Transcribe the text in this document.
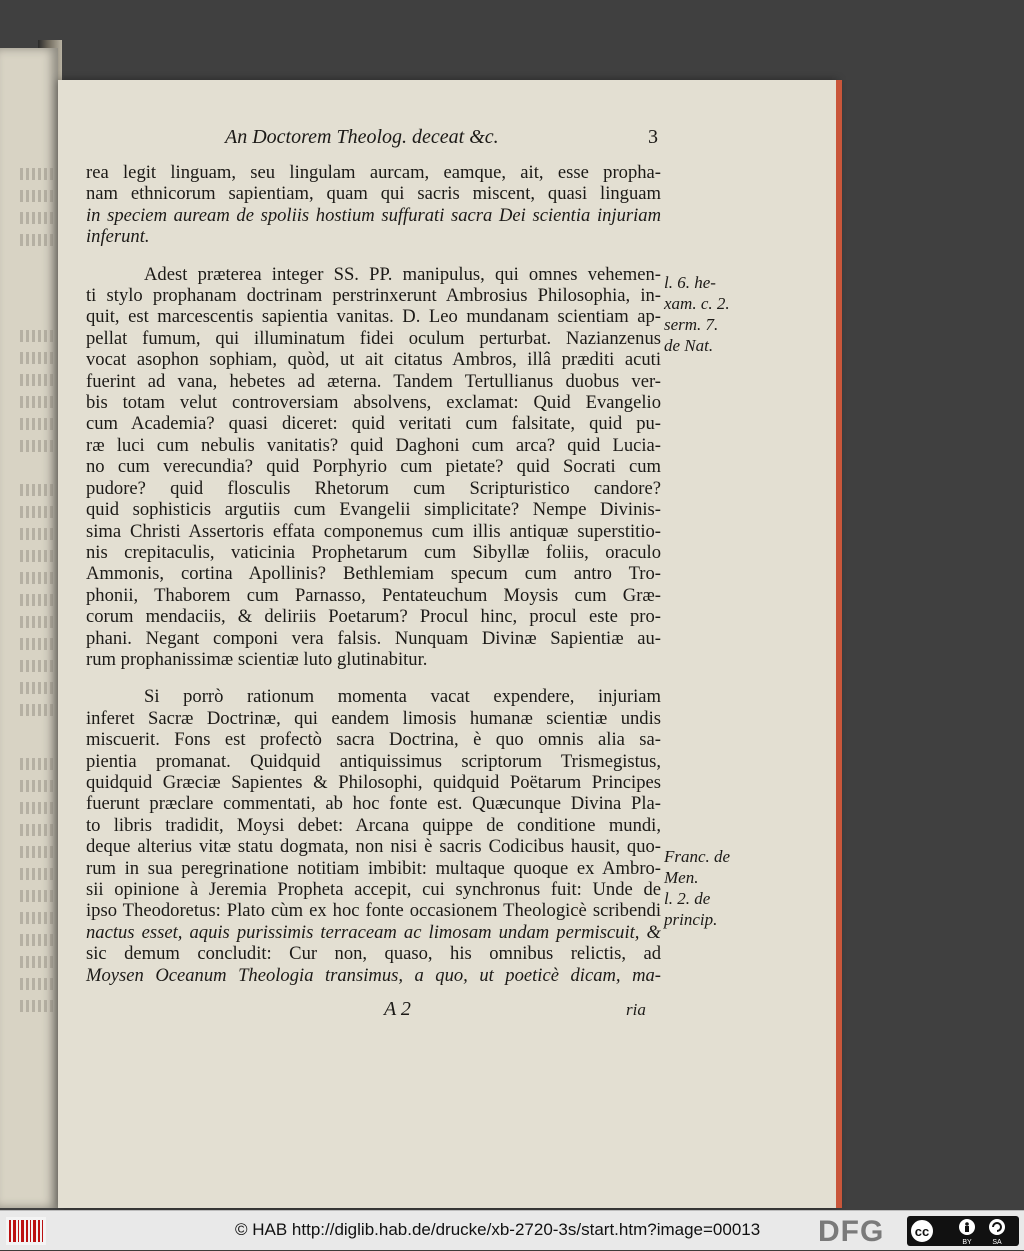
An Doctorem Theolog. deceat &c.	3
rea legit linguam, seu lingulam aurcam, eamque, ait, esse propha-
nam ethnicorum sapientiam, quam qui sacris miscent, quasi linguam
in speciem auream de spoliis hostium suffurati sacra Dei scientia injuriam
inferunt.
Adest præterea integer SS. PP. manipulus, qui omnes vehemen-
ti stylo prophanam doctrinam perstrinxerunt Ambrosius Philosophia, in-
quit, est marcescentis sapientia vanitas. D. Leo mundanam scientiam ap-
pellat fumum, qui illuminatum fidei oculum perturbat. Nazianzenus
vocat asophon sophiam, quòd, ut ait citatus Ambros, illâ præditi acuti
fuerint ad vana, hebetes ad æterna. Tandem Tertullianus duobus ver-
bis totam velut controversiam absolvens, exclamat: Quid Evangelio
cum Academia? quasi diceret: quid veritati cum falsitate, quid pu-
ræ luci cum nebulis vanitatis? quid Daghoni cum arca? quid Lucia-
no cum verecundia? quid Porphyrio cum pietate? quid Socrati cum
pudore? quid flosculis Rhetorum cum Scripturistico candore?
quid sophisticis argutiis cum Evangelii simplicitate? Nempe Divinis-
sima Christi Assertoris effata componemus cum illis antiquæ superstitio-
nis crepitaculis, vaticinia Prophetarum cum Sibyllæ foliis, oraculo
Ammonis, cortina Apollinis? Bethlemiam specum cum antro Tro-
phonii, Thaborem cum Parnasso, Pentateuchum Moysis cum Græ-
corum mendaciis, & deliriis Poetarum? Procul hinc, procul este pro-
phani. Negant componi vera falsis. Nunquam Divinæ Sapientiæ au-
rum prophanissimæ scientiæ luto glutinabitur.
Si porrò rationum momenta vacat expendere, injuriam
inferet Sacræ Doctrinæ, qui eandem limosis humanæ scientiæ undis
miscuerit. Fons est profectò sacra Doctrina, è quo omnis alia sa-
pientia promanat. Quidquid antiquissimus scriptorum Trismegistus,
quidquid Græciæ Sapientes & Philosophi, quidquid Poëtarum Principes
fuerunt præclare commentati, ab hoc fonte est. Quæcunque Divina Pla-
to libris tradidit, Moysi debet: Arcana quippe de conditione mundi,
deque alterius vitæ statu dogmata, non nisi è sacris Codicibus hausit, quo-
rum in sua peregrinatione notitiam imbibit: multaque quoque ex Ambro-
sii opinione à Jeremia Propheta accepit, cui synchronus fuit: Unde de
ipso Theodoretus: Plato cùm ex hoc fonte occasionem Theologicè scribendi
nactus esset, aquis purissimis terraceam ac limosam undam permiscuit, &
sic demum concludit: Cur non, quaso, his omnibus relictis, ad
Moysen Oceanum Theologia transimus, a quo, ut poeticè dicam, ma-
l. 6. he-
xam. c. 2.
serm. 7.
de Nat.
Franc. de
Men.
l. 2. de
princip.
A 2	ria
© HAB http://diglib.hab.de/drucke/xb-2720-3s/start.htm?image=00013 DFG cc
BY	SA
